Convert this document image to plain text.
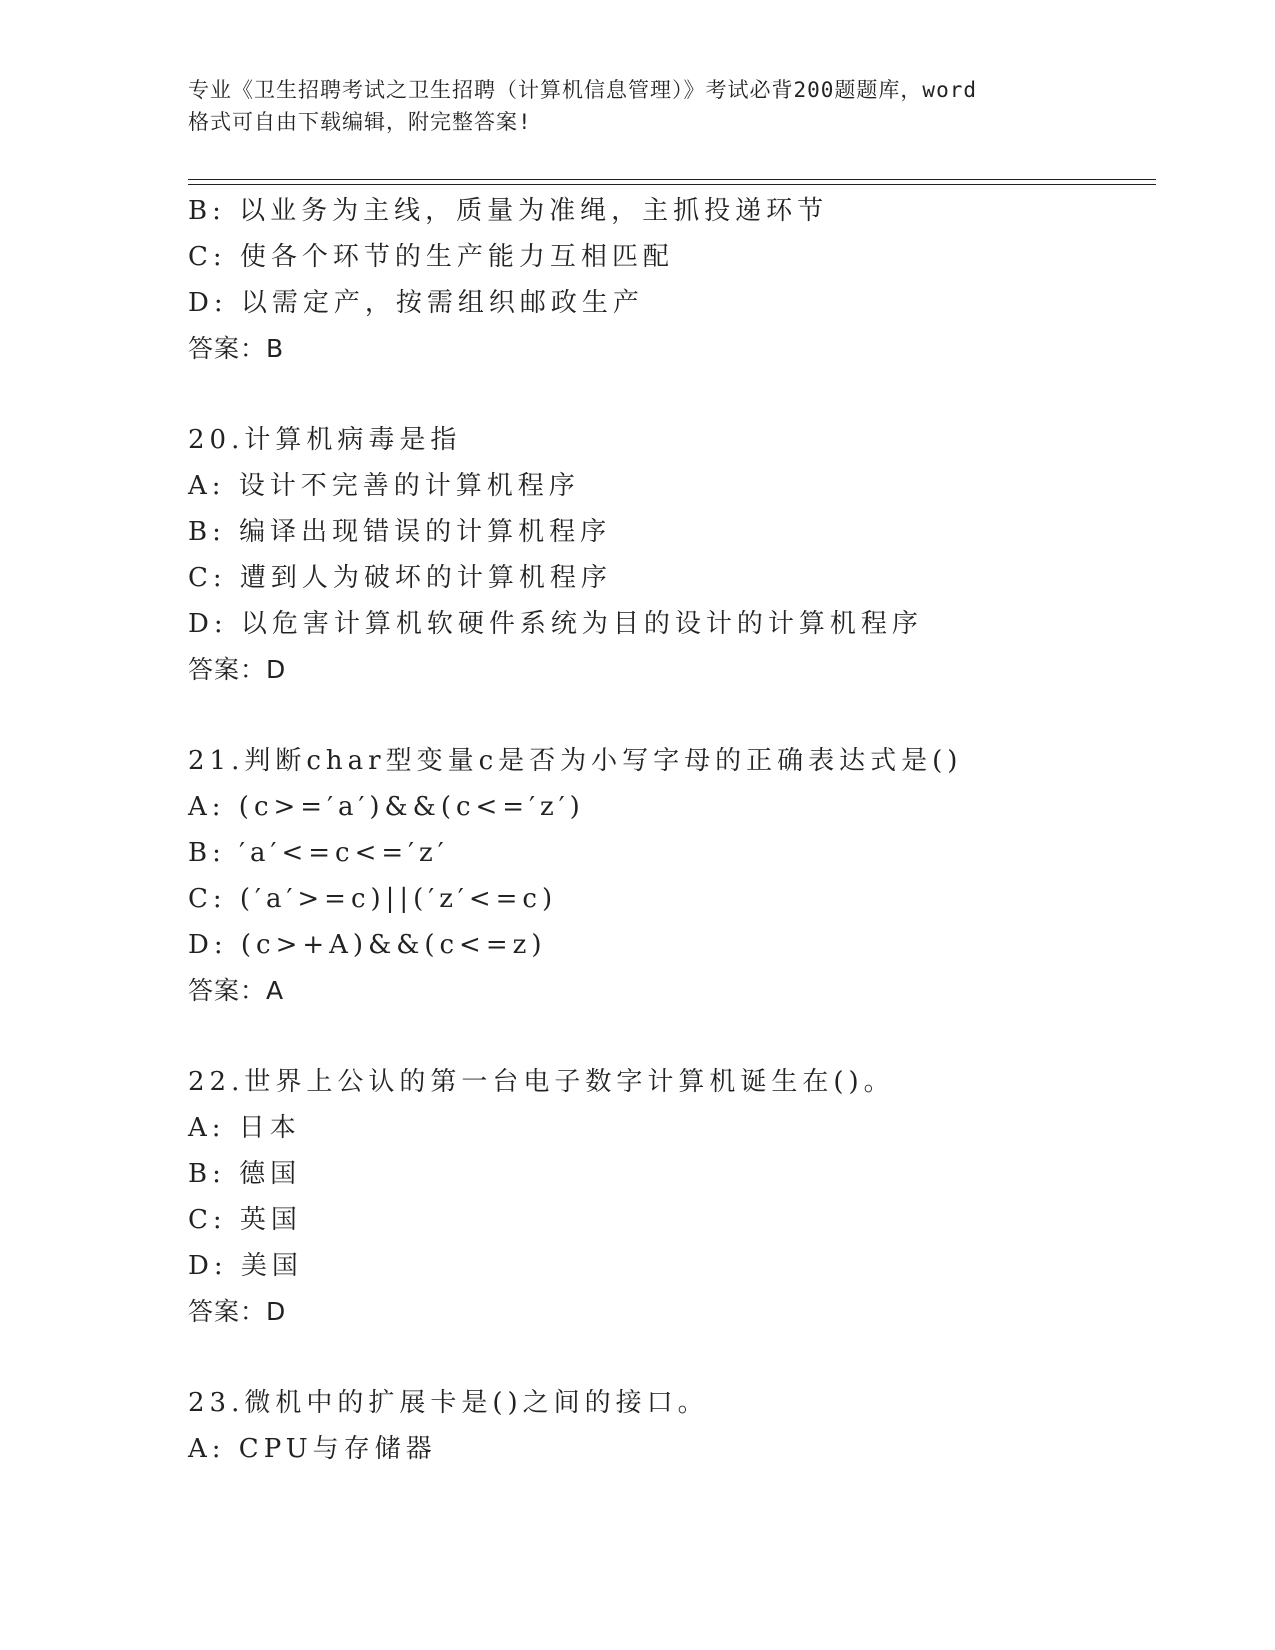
专业《卫生招聘考试之卫生招聘（计算机信息管理）》考试必背200题题库，word
格式可自由下载编辑，附完整答案!
B: 以业务为主线，质量为准绳，主抓投递环节
C: 使各个环节的生产能力互相匹配
D: 以需定产，按需组织邮政生产
答案：B
20.计算机病毒是指
A: 设计不完善的计算机程序
B: 编译出现错误的计算机程序
C: 遭到人为破坏的计算机程序
D: 以危害计算机软硬件系统为目的设计的计算机程序
答案：D
21.判断char型变量c是否为小写字母的正确表达式是()
A: (c>=′a′)&&(c<=′z′)
B: ′a′<=c<=′z′
C: (′a′>=c)||(′z′<=c)
D: (c>+A)&&(c<=z)
答案：A
22.世界上公认的第一台电子数字计算机诞生在()。
A: 日本
B: 德国
C: 英国
D: 美国
答案：D
23.微机中的扩展卡是()之间的接口。
A: CPU与存储器
